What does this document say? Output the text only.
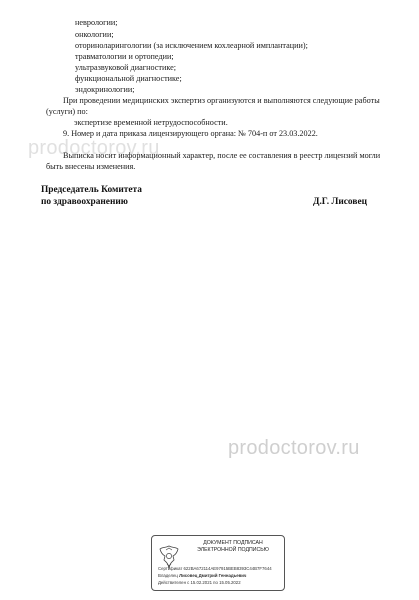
prodoctorov.ru
prodoctorov.ru
неврологии;
онкологии;
оториноларингологии (за исключением кохлеарной имплантации);
травматологии и ортопедии;
ультразвуковой диагностике;
функциональной диагностике;
эндокринологии;
При проведении медицинских экспертиз организуются и выполняются следующие работы
(услуги) по:
экспертизе временной нетрудоспособности.
9. Номер и дата приказа лицензирующего органа: № 704-п от 23.03.2022.
Выписка носит информационный характер, после ее составления в реестр лицензий могли
быть внесены изменения.
Председатель Комитета
по здравоохранению	Д.Г. Лисовец
ДОКУМЕНТ ПОДПИСАН
ЭЛЕКТРОННОЙ ПОДПИСЬЮ
Сертификат 622BA672114AE97915BEB8393C44B7F7644
Владелец Лисовец Дмитрий Геннадьевич
Действителен с 15.02.2021 по 15.05.2022
